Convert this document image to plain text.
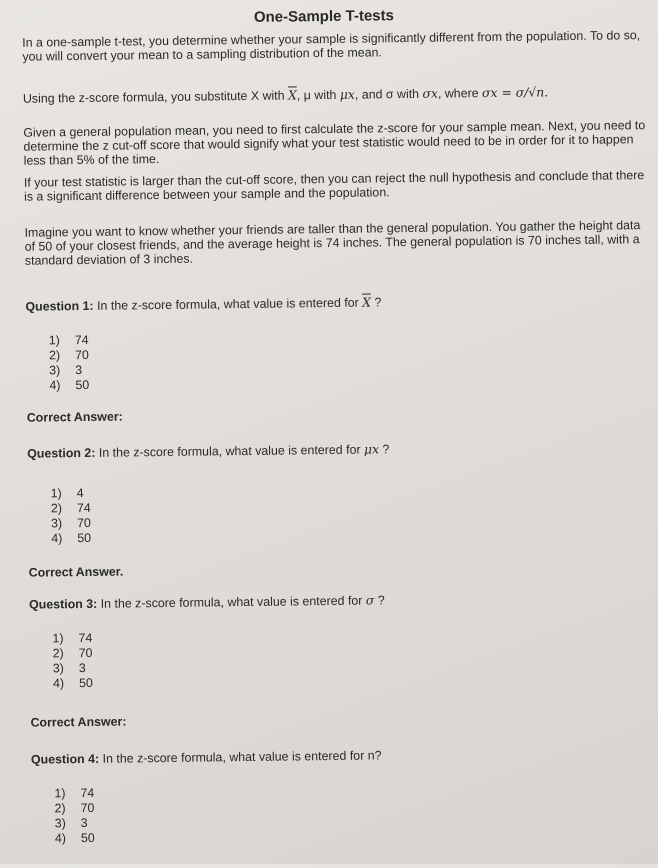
One-Sample T-tests
In a one-sample t-test, you determine whether your sample is significantly different from the population. To do so, you will convert your mean to a sampling distribution of the mean.
Using the z-score formula, you substitute X with $\overline{X}$, μ with μx, and σ with σx, where σx = σ/√n.
Given a general population mean, you need to first calculate the z-score for your sample mean. Next, you need to determine the z cut-off score that would signify what your test statistic would need to be in order for it to happen less than 5% of the time.
If your test statistic is larger than the cut-off score, then you can reject the null hypothesis and conclude that there is a significant difference between your sample and the population.
Imagine you want to know whether your friends are taller than the general population. You gather the height data of 50 of your closest friends, and the average height is 74 inches. The general population is 70 inches tall, with a standard deviation of 3 inches.
Question 1: In the z-score formula, what value is entered for $\overline{X}$ ?
1) 74
2) 70
3) 3
4) 50
Correct Answer:
Question 2: In the z-score formula, what value is entered for μx ?
1) 4
2) 74
3) 70
4) 50
Correct Answer.
Question 3: In the z-score formula, what value is entered for σ ?
1) 74
2) 70
3) 3
4) 50
Correct Answer:
Question 4: In the z-score formula, what value is entered for n?
1) 74
2) 70
3) 3
4) 50
